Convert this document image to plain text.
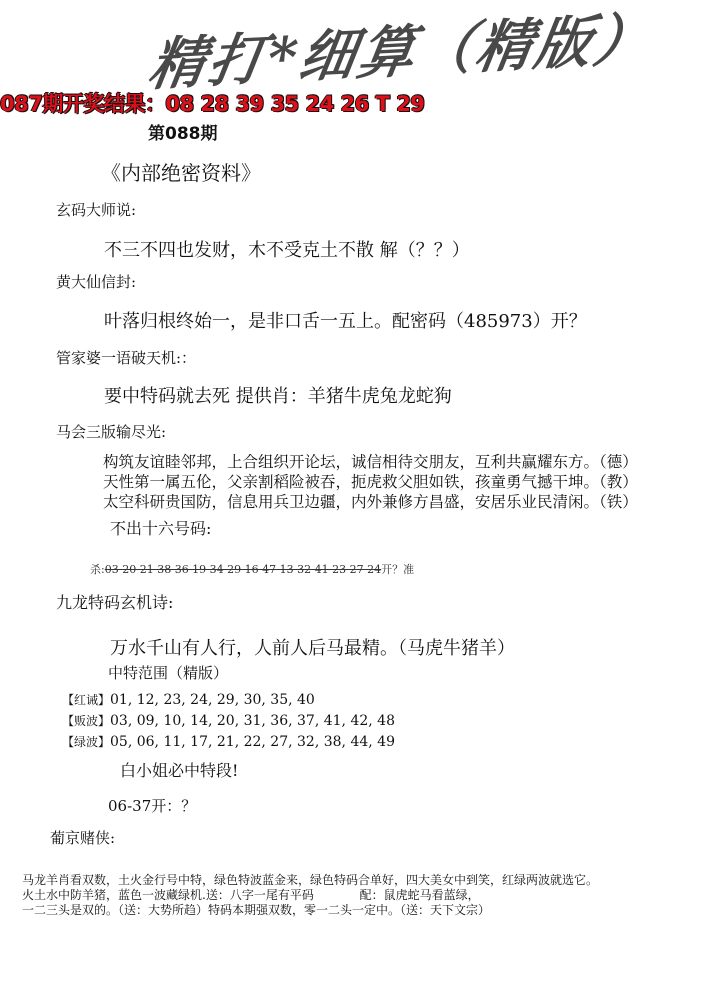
精打*细算（精版）
087期开奖结果：08 28 39 35 24 26 T 29
第088期
《内部绝密资料》
玄码大师说:
不三不四也发财，木不受克土不散 解（？？）
黄大仙信封:
叶落归根终始一，是非口舌一五上。配密码（485973）开？
管家婆一语破天机:：
要中特码就去死 提供肖：羊猪牛虎兔龙蛇狗
马会三版输尽光:
构筑友谊睦邻邦，上合组织开论坛，诚信相待交朋友，互利共赢耀东方。（德）
天性第一属五伦，父亲割稻险被吞，扼虎救父胆如铁，孩童勇气撼干坤。（教）
太空科研贵国防，信息用兵卫边疆，内外兼修方昌盛，安居乐业民清闲。（铁）
不出十六号码:
杀:03 20 21 38 36 19 34 29 16 47 13 32 41 23 27 24开？准
九龙特码玄机诗:
万水千山有人行，人前人后马最精。（马虎牛猪羊）
中特范围（精版）
【红诫】01, 12, 23, 24, 29, 30, 35, 40
【贩波】03, 09, 10, 14, 20, 31, 36, 37, 41, 42, 48
【绿波】05, 06, 11, 17, 21, 22, 27, 32, 38, 44, 49
白小姐必中特段!
06-37开：？
葡京赌侠:
马龙羊肖看双数，土火金行号中特，绿色特波蓝金来，绿色特码合单好，四大美女中到笑，红绿两波就选它。
火土水中防羊猪，蓝色一波藏绿机.送：八字一尾有平码            配：鼠虎蛇马看蓝绿，
一二三头是双的。（送：大势所趋）特码本期强双数，零一二头一定中。（送：天下文宗）
